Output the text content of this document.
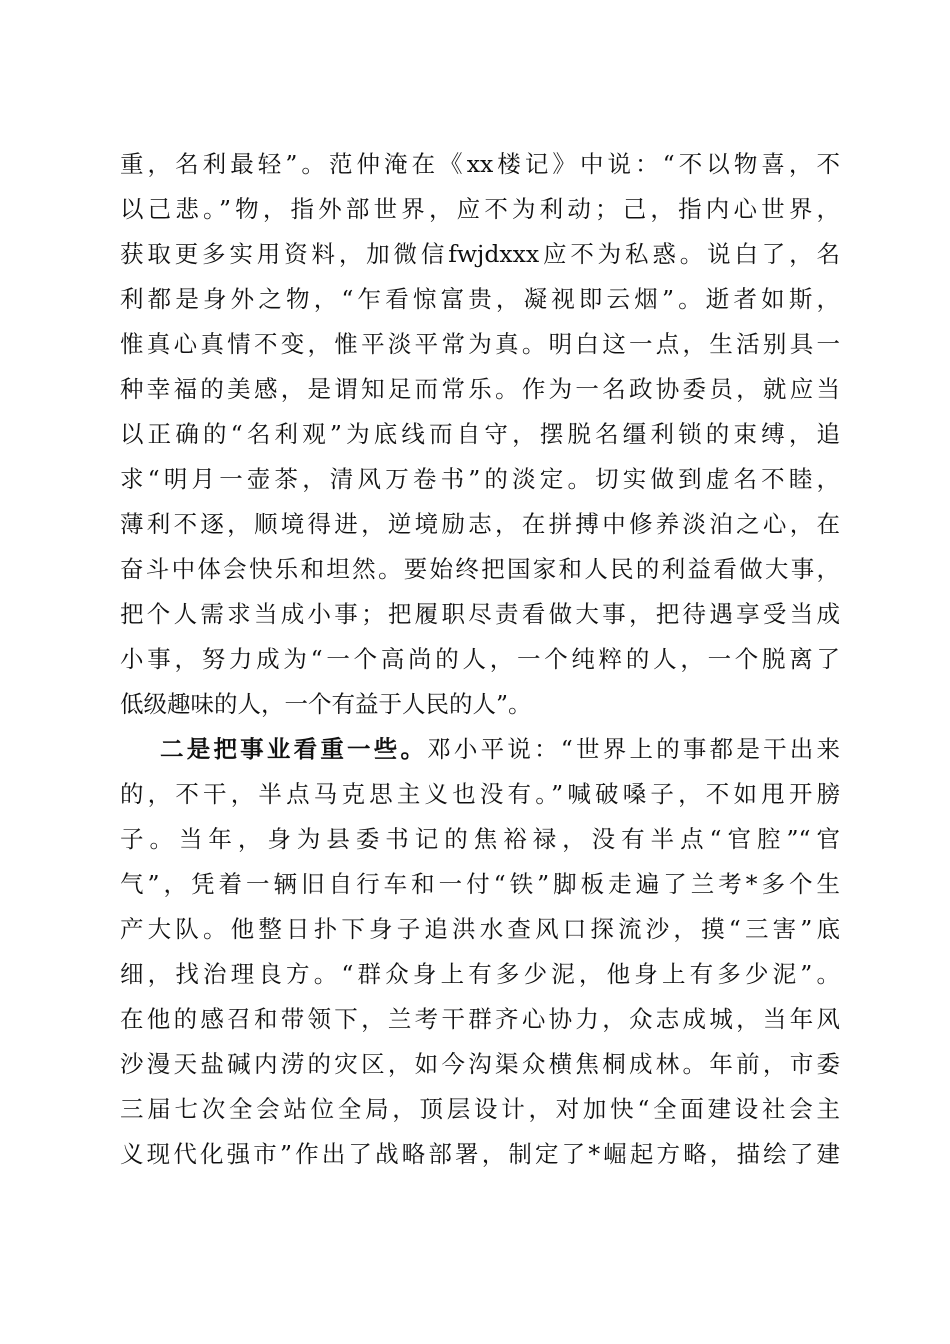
重，名利最轻”。范仲淹在《xx楼记》中说：“不以物喜，不
以己悲。”物，指外部世界，应不为利动；己，指内心世界，
获取更多实用资料，加微信fwjdxxx应不为私惑。说白了，名
利都是身外之物，“乍看惊富贵，凝视即云烟”。逝者如斯，
惟真心真情不变，惟平淡平常为真。明白这一点，生活别具一
种幸福的美感，是谓知足而常乐。作为一名政协委员，就应当
以正确的“名利观”为底线而自守，摆脱名缰利锁的束缚，追
求“明月一壶茶，清风万卷书”的淡定。切实做到虚名不睦，
薄利不逐，顺境得进，逆境励志，在拼搏中修养淡泊之心，在
奋斗中体会快乐和坦然。要始终把国家和人民的利益看做大事，
把个人需求当成小事；把履职尽责看做大事，把待遇享受当成
小事，努力成为“一个高尚的人，一个纯粹的人，一个脱离了
低级趣味的人，一个有益于人民的人”。
二是把事业看重一些。邓小平说：“世界上的事都是干出来
的，不干，半点马克思主义也没有。”喊破嗓子，不如甩开膀
子。当年，身为县委书记的焦裕禄，没有半点“官腔”“官
气”，凭着一辆旧自行车和一付“铁”脚板走遍了兰考*多个生
产大队。他整日扑下身子追洪水查风口探流沙，摸“三害”底
细，找治理良方。“群众身上有多少泥，他身上有多少泥”。
在他的感召和带领下，兰考干群齐心协力，众志成城，当年风
沙漫天盐碱内涝的灾区，如今沟渠众横焦桐成林。年前，市委
三届七次全会站位全局，顶层设计，对加快“全面建设社会主
义现代化强市”作出了战略部署，制定了*崛起方略，描绘了建
